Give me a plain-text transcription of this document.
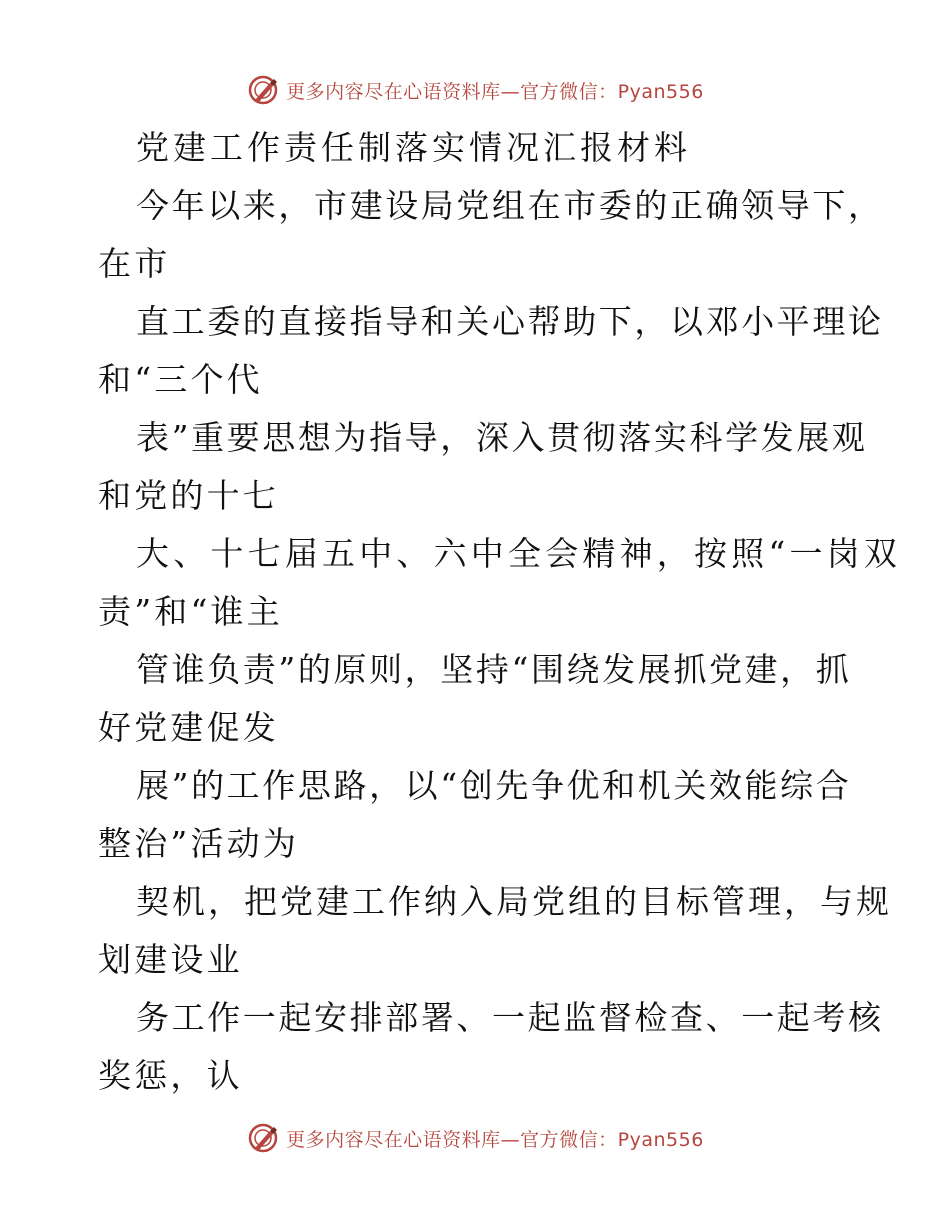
更多内容尽在心语资料库—官方微信：Pyan556
党建工作责任制落实情况汇报材料
今年以来，市建设局党组在市委的正确领导下，
在市
直工委的直接指导和关心帮助下，以邓小平理论
和“三个代
表”重要思想为指导，深入贯彻落实科学发展观
和党的十七
大、十七届五中、六中全会精神，按照“一岗双
责”和“谁主
管谁负责”的原则，坚持“围绕发展抓党建，抓
好党建促发
展”的工作思路，以“创先争优和机关效能综合
整治”活动为
契机，把党建工作纳入局党组的目标管理，与规
划建设业
务工作一起安排部署、一起监督检查、一起考核
奖惩，认
更多内容尽在心语资料库—官方微信：Pyan556
